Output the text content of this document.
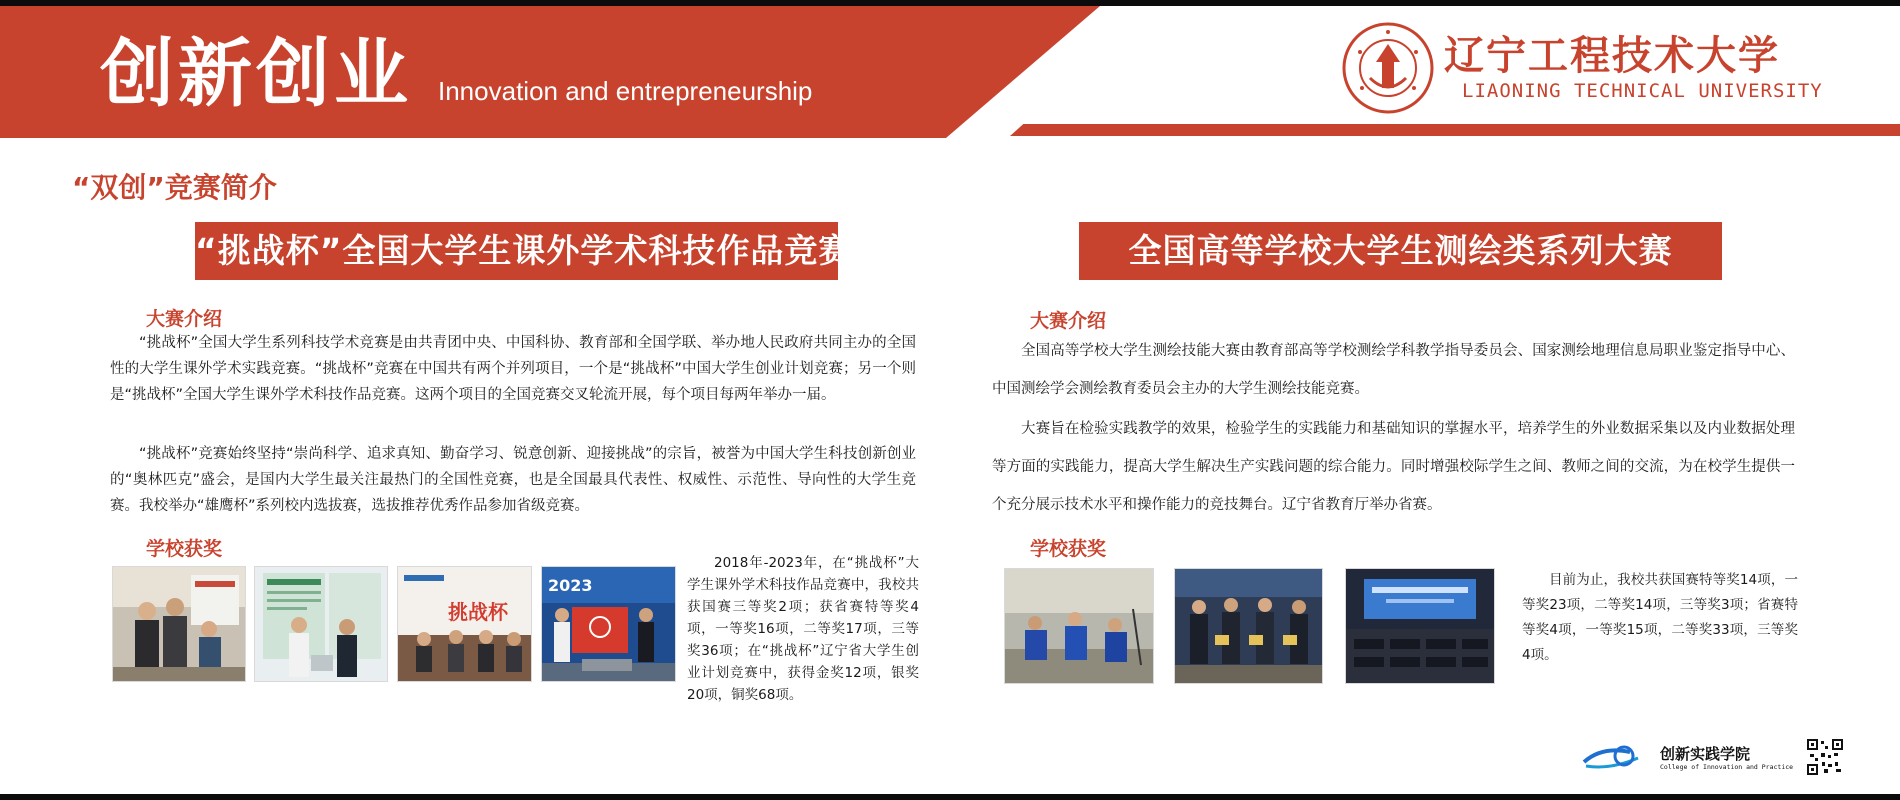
创新创业 Innovation and entrepreneurship
辽宁工程技术大学
LIAONING TECHNICAL UNIVERSITY
“双创”竞赛简介
“挑战杯”全国大学生课外学术科技作品竞赛
大赛介绍

“挑战杯”全国大学生系列科技学术竞赛是由共青团中央、中国科协、教育部和全国学联、举办地人民政府共同主办的全国性的大学生课外学术实践竞赛。“挑战杯”竞赛在中国共有两个并列项目，一个是“挑战杯”中国大学生创业计划竞赛；另一个则是“挑战杯”全国大学生课外学术科技作品竞赛。这两个项目的全国竞赛交叉轮流开展，每个项目每两年举办一届。

“挑战杯”竞赛始终坚持“崇尚科学、追求真知、勤奋学习、锐意创新、迎接挑战”的宗旨，被誉为中国大学生科技创新创业的“奥林匹克”盛会，是国内大学生最关注最热门的全国性竞赛，也是全国最具代表性、权威性、示范性、导向性的大学生竞赛。我校举办“雄鹰杯”系列校内选拔赛，选拔推荐优秀作品参加省级竞赛。

学校获奖
挑战杯
2023

2018年-2023年，在“挑战杯”大学生课外学术科技作品竞赛中，我校共获国赛三等奖2项；获省赛特等奖4项，一等奖16项，二等奖17项，三等奖36项；在“挑战杯”辽宁省大学生创业计划竞赛中，获得金奖12项，银奖20项，铜奖68项。

全国高等学校大学生测绘类系列大赛
大赛介绍

全国高等学校大学生测绘技能大赛由教育部高等学校测绘学科教学指导委员会、国家测绘地理信息局职业鉴定指导中心、中国测绘学会测绘教育委员会主办的大学生测绘技能竞赛。

大赛旨在检验实践教学的效果，检验学生的实践能力和基础知识的掌握水平，培养学生的外业数据采集以及内业数据处理等方面的实践能力，提高大学生解决生产实践问题的综合能力。同时增强校际学生之间、教师之间的交流，为在校学生提供一个充分展示技术水平和操作能力的竞技舞台。辽宁省教育厅举办省赛。

学校获奖

目前为止，我校共获国赛特等奖14项，一等奖23项，二等奖14项，三等奖3项；省赛特等奖4项，一等奖15项，二等奖33项，三等奖4项。

创新实践学院
College of Innovation and Practice
